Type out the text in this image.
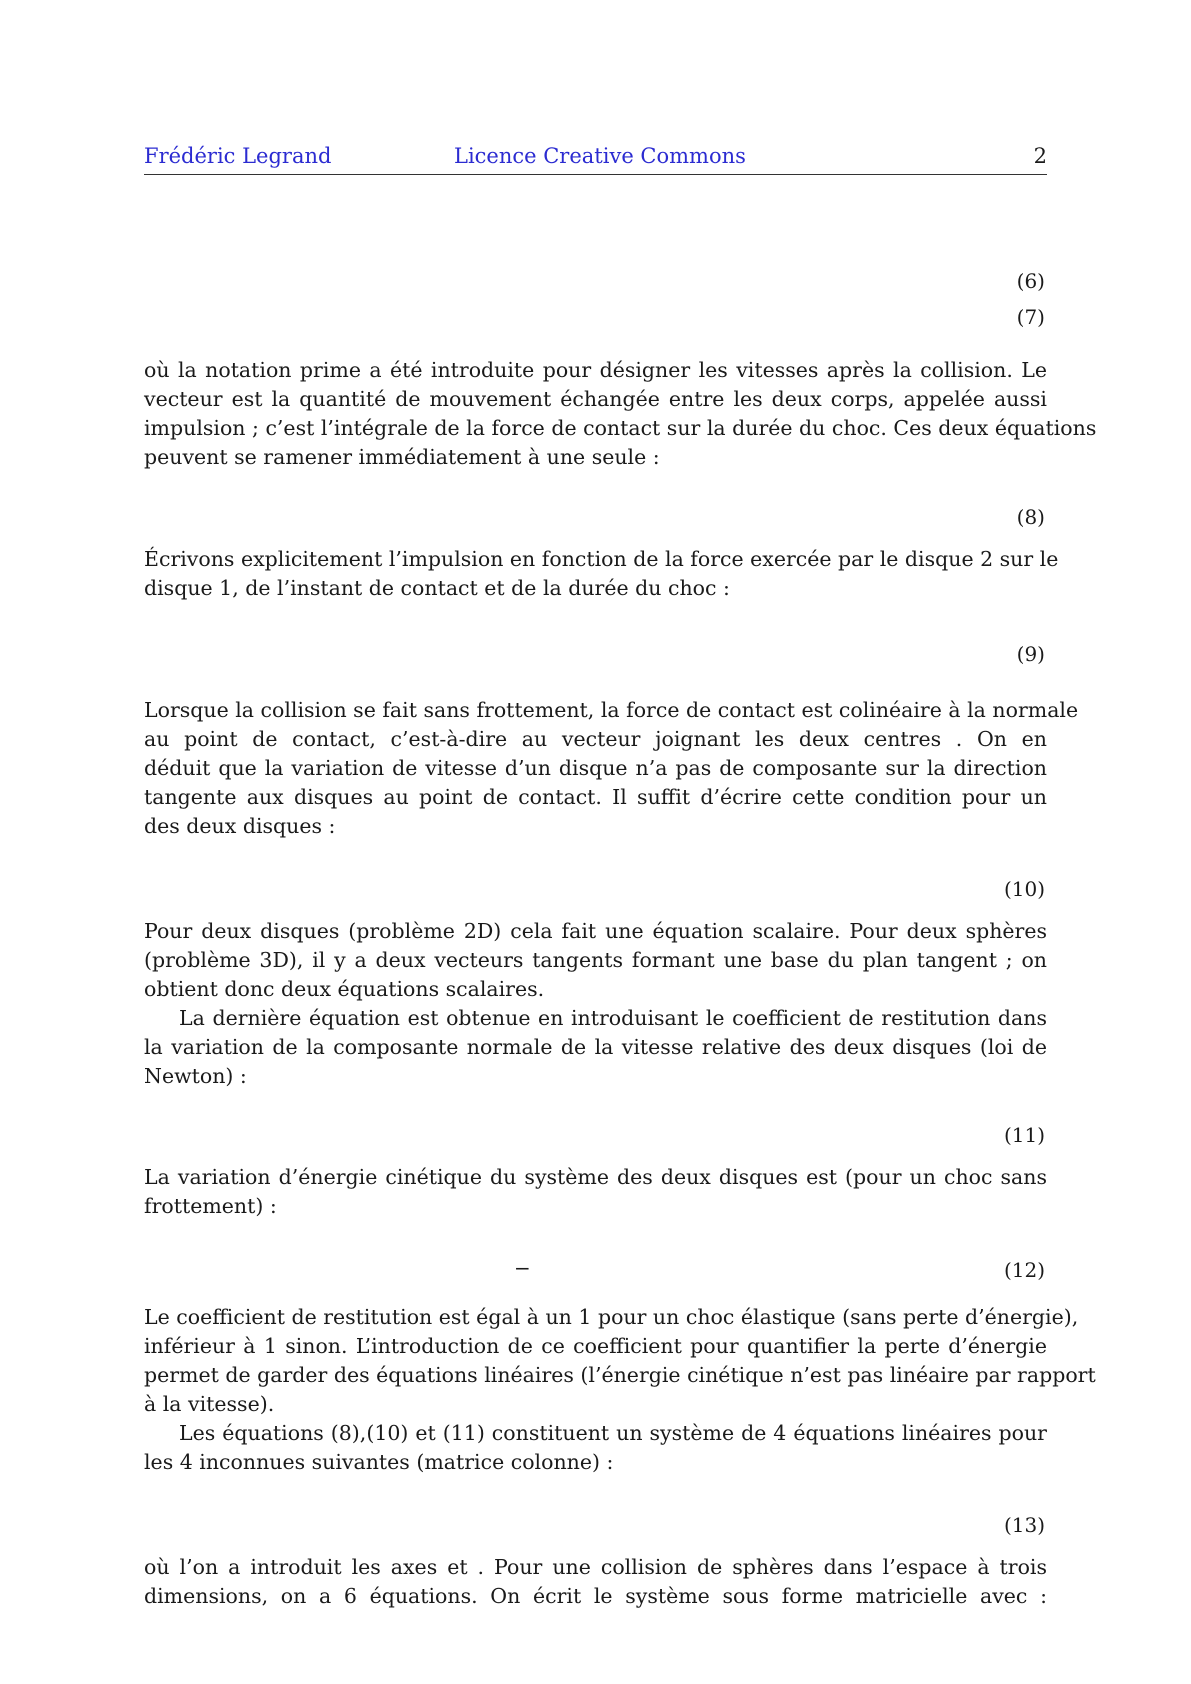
Frédéric Legrand	Licence Creative Commons	2
(6)
(7)
où la notation prime a été introduite pour désigner les vitesses après la collision. Le
vecteur est la quantité de mouvement échangée entre les deux corps, appelée aussi
impulsion ; c’est l’intégrale de la force de contact sur la durée du choc. Ces deux équations
peuvent se ramener immédiatement à une seule :
(8)
Écrivons explicitement l’impulsion en fonction de la force exercée par le disque 2 sur le
disque 1, de l’instant de contact et de la durée du choc :
(9)
Lorsque la collision se fait sans frottement, la force de contact est colinéaire à la normale
au point de contact, c’est-à-dire au vecteur joignant les deux centres . On en
déduit que la variation de vitesse d’un disque n’a pas de composante sur la direction
tangente aux disques au point de contact. Il suffit d’écrire cette condition pour un
des deux disques :
(10)
Pour deux disques (problème 2D) cela fait une équation scalaire. Pour deux sphères
(problème 3D), il y a deux vecteurs tangents formant une base du plan tangent ; on
obtient donc deux équations scalaires.
La dernière équation est obtenue en introduisant le coefficient de restitution dans
la variation de la composante normale de la vitesse relative des deux disques (loi de
Newton) :
(11)
La variation d’énergie cinétique du système des deux disques est (pour un choc sans
frottement) :
−	(12)
Le coefficient de restitution est égal à un 1 pour un choc élastique (sans perte d’énergie),
inférieur à 1 sinon. L’introduction de ce coefficient pour quantifier la perte d’énergie
permet de garder des équations linéaires (l’énergie cinétique n’est pas linéaire par rapport
à la vitesse).
Les équations (8),(10) et (11) constituent un système de 4 équations linéaires pour
les 4 inconnues suivantes (matrice colonne) :
(13)
où l’on a introduit les axes et . Pour une collision de sphères dans l’espace à trois
dimensions, on a 6 équations. On écrit le système sous forme matricielle avec :
